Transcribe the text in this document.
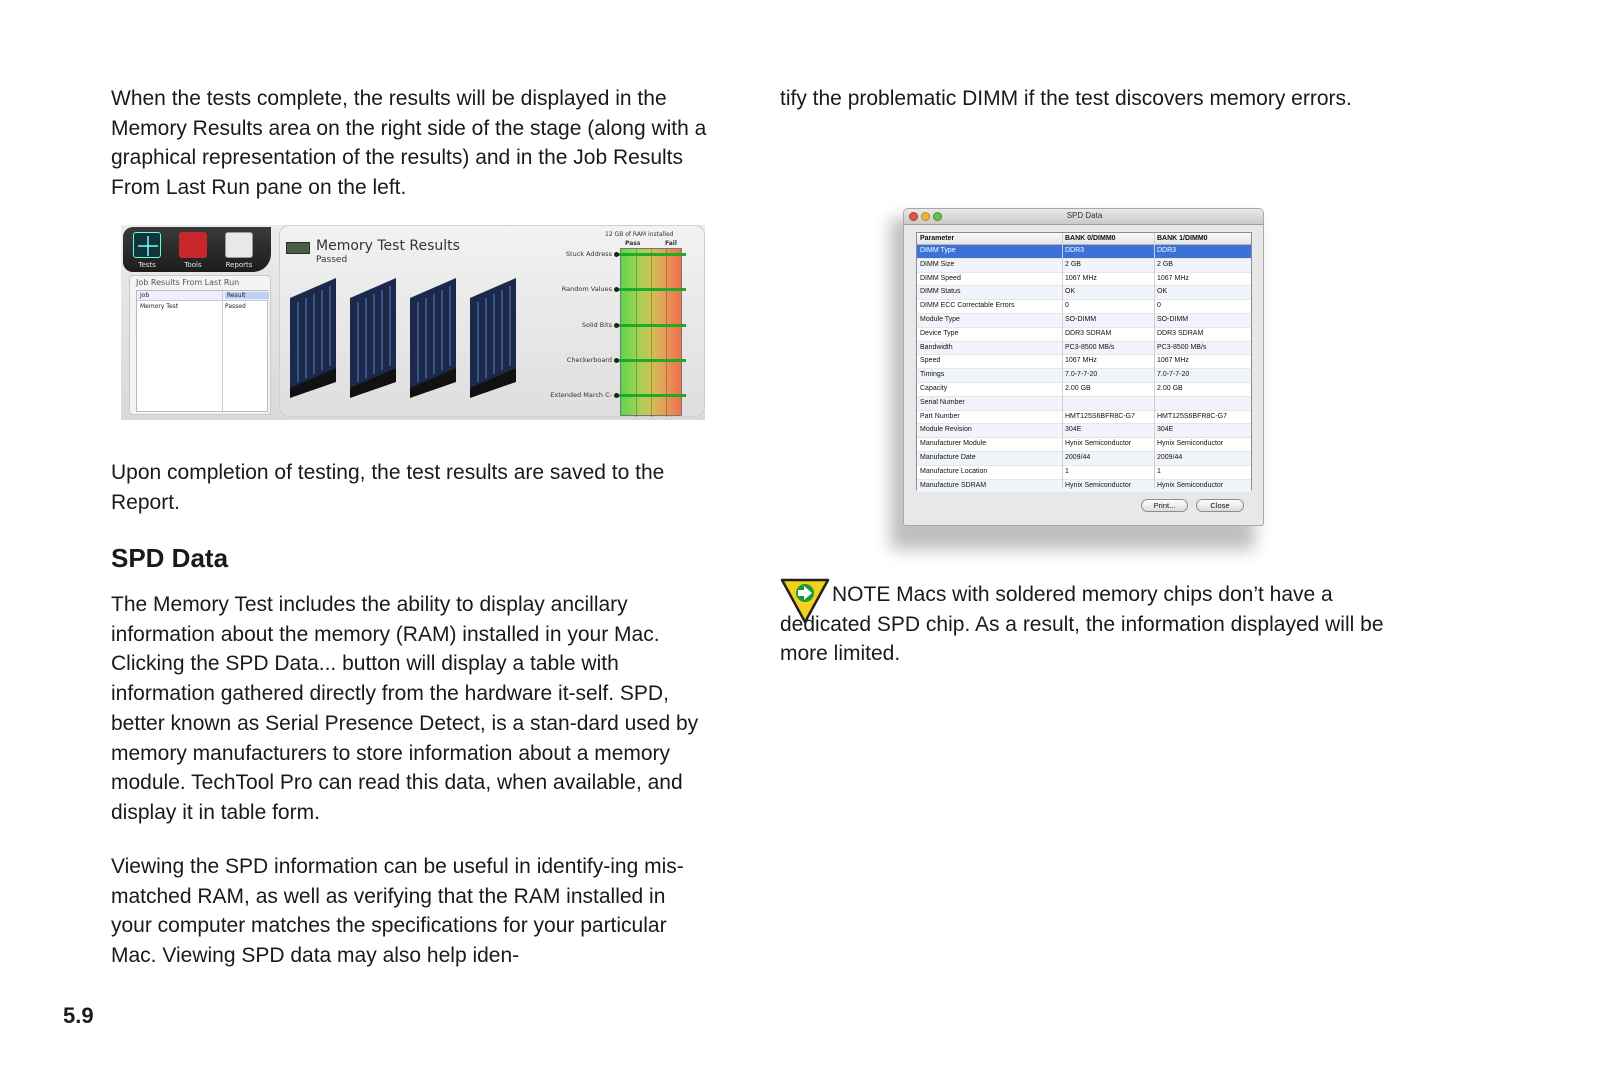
When the tests complete, the results will be displayed in the Memory Results area on the right side of the stage (along with a graphical representation of the results) and in the Job Results From Last Run pane on the left.
Tests	Tools	Reports
Job Results From Last Run
Job	Result
Memory Test	Passed
Memory Test Results
Passed
12 GB of RAM installed
Pass	Fail
Stuck Address
Random Values
Solid Bits
Checkerboard
Extended March C-
Upon completion of testing, the test results are saved to the Report.
SPD Data
The Memory Test includes the ability to display ancillary information about the memory (RAM) installed in your Mac. Clicking the SPD Data... button will display a table with information gathered directly from the hardware it-self. SPD, better known as Serial Presence Detect, is a stan-dard used by memory manufacturers to store information about a memory module. TechTool Pro can read this data, when available, and display it in table form.
Viewing the SPD information can be useful in identify-ing mis-matched RAM, as well as verifying that the RAM installed in your computer matches the specifications for your particular Mac. Viewing SPD data may also help iden-
tify the problematic DIMM if the test discovers memory errors.
SPD Data
Parameter	BANK 0/DIMM0	BANK 1/DIMM0
DIMM Type	DDR3	DDR3
DIMM Size	2 GB	2 GB
DIMM Speed	1067 MHz	1067 MHz
DIMM Status	OK	OK
DIMM ECC Correctable Errors	0	0
Module Type	SO-DIMM	SO-DIMM
Device Type	DDR3 SDRAM	DDR3 SDRAM
Bandwidth	PC3-8500 MB/s	PC3-8500 MB/s
Speed	1067 MHz	1067 MHz
Timings	7.0-7-7-20	7.0-7-7-20
Capacity	2.00 GB	2.00 GB
Serial Number
Part Number	HMT125S6BFR8C-G7	HMT125S6BFR8C-G7
Module Revision	304E	304E
Manufacturer Module	Hynix Semiconductor	Hynix Semiconductor
Manufacture Date	2009/44	2009/44
Manufacture Location	1	1
Manufacture SDRAM	Hynix Semiconductor	Hynix Semiconductor
Print...	Close
NOTE Macs with soldered memory chips don’t have a dedicated SPD chip. As a result, the information displayed will be more limited.
5.9
